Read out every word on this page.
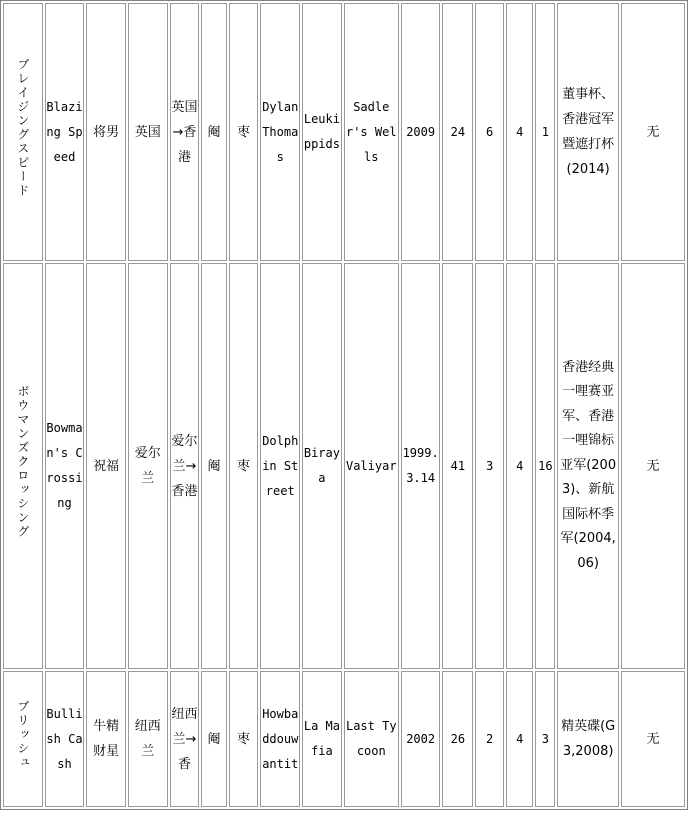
ブレイジングスピード	Blazing Speed	将男	英国	英国→香港	阉	枣	Dylan Thomas	Leukippids	Sadler's Wells	2009	24	6	4	1	董事杯、香港冠军暨遮打杯(2014)	无
ボウマンズクロッシング	Bowman's Crossing	祝福	爱尔兰	爱尔兰→香港	阉	枣	Dolphin Street	Biraya	Valiyar	1999.3.14	41	3	4	16	香港经典一哩赛亚军、香港一哩锦标亚军(2003)、新航国际杯季军(2004,06)	无
ブリッシュ	Bullish Cash	牛精财星	纽西兰	纽西兰→香	阉	枣	Howbaddouwantit	La Mafia	Last Tycoon	2002	26	2	4	3	精英碟(G3,2008)	无
